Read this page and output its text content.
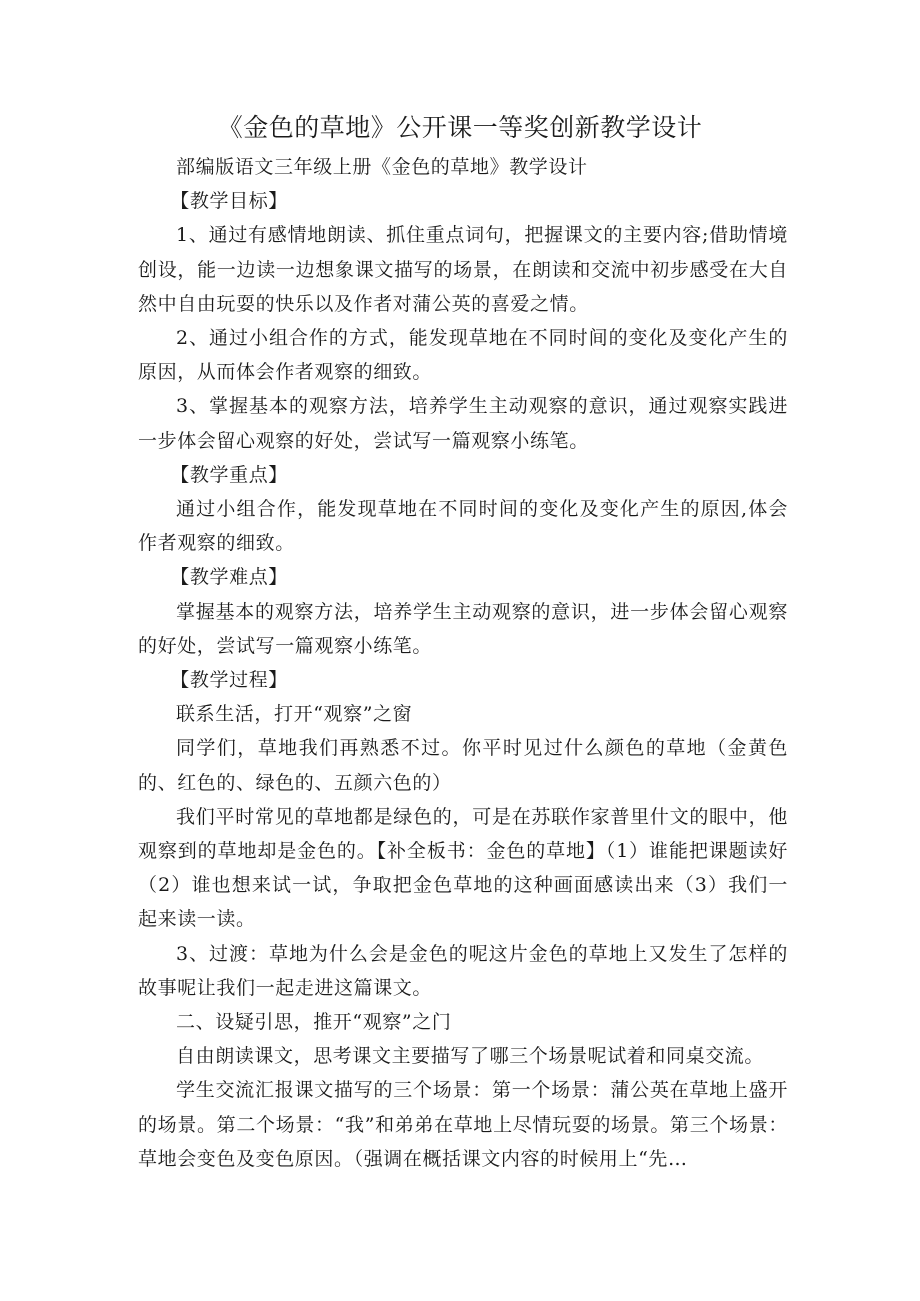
《金色的草地》公开课一等奖创新教学设计

部编版语文三年级上册《金色的草地》教学设计

【教学目标】

1、通过有感情地朗读、抓住重点词句，把握课文的主要内容;借助情境创设，能一边读一边想象课文描写的场景，在朗读和交流中初步感受在大自然中自由玩耍的快乐以及作者对蒲公英的喜爱之情。

2、通过小组合作的方式，能发现草地在不同时间的变化及变化产生的原因，从而体会作者观察的细致。

3、掌握基本的观察方法，培养学生主动观察的意识，通过观察实践进一步体会留心观察的好处，尝试写一篇观察小练笔。

【教学重点】

通过小组合作，能发现草地在不同时间的变化及变化产生的原因,体会作者观察的细致。

【教学难点】

掌握基本的观察方法，培养学生主动观察的意识，进一步体会留心观察的好处，尝试写一篇观察小练笔。

【教学过程】

联系生活，打开“观察”之窗

同学们，草地我们再熟悉不过。你平时见过什么颜色的草地（金黄色的、红色的、绿色的、五颜六色的）

我们平时常见的草地都是绿色的，可是在苏联作家普里什文的眼中，他观察到的草地却是金色的。【补全板书：金色的草地】（1）谁能把课题读好（2）谁也想来试一试，争取把金色草地的这种画面感读出来（3）我们一起来读一读。

3、过渡：草地为什么会是金色的呢这片金色的草地上又发生了怎样的故事呢让我们一起走进这篇课文。

二、设疑引思，推开“观察”之门

自由朗读课文，思考课文主要描写了哪三个场景呢试着和同桌交流。

学生交流汇报课文描写的三个场景：第一个场景：蒲公英在草地上盛开的场景。第二个场景：“我”和弟弟在草地上尽情玩耍的场景。第三个场景：草地会变色及变色原因。（强调在概括课文内容的时候用上“先…
